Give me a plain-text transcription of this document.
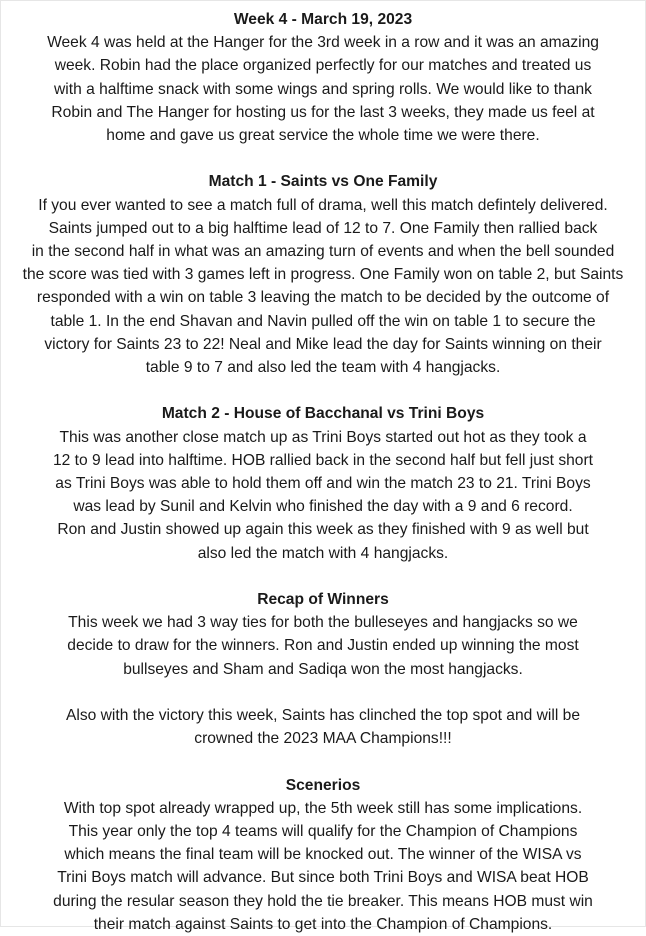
Week 4 - March 19, 2023
Week 4 was held at the Hanger for the 3rd week in a row and it was an amazing
week. Robin had the place organized perfectly for our matches and treated us
with a halftime snack with some wings and spring rolls. We would like to thank
Robin and The Hanger for hosting us for the last 3 weeks, they made us feel at
home and gave us great service the whole time we were there.
Match 1 - Saints vs One Family
If you ever wanted to see a match full of drama, well this match defintely delivered.
Saints jumped out to a big halftime lead of 12 to 7. One Family then rallied back
in the second half in what was an amazing turn of events and when the bell sounded
the score was tied with 3 games left in progress. One Family won on table 2, but Saints
responded with a win on table 3 leaving the match to be decided by the outcome of
table 1. In the end Shavan and Navin pulled off the win on table 1 to secure the
victory for Saints 23 to 22! Neal and Mike lead the day for Saints winning on their
table 9 to 7 and also led the team with 4 hangjacks.
Match 2 - House of Bacchanal vs Trini Boys
This was another close match up as Trini Boys started out hot as they took a
12 to 9 lead into halftime. HOB rallied back in the second half but fell just short
as Trini Boys was able to hold them off and win the match 23 to 21. Trini Boys
was lead by Sunil and Kelvin who finished the day with a 9 and 6 record.
Ron and Justin showed up again this week as they finished with 9 as well but
also led the match with 4 hangjacks.
Recap of Winners
This week we had 3 way ties for both the bulleseyes and hangjacks so we
decide to draw for the winners. Ron and Justin ended up winning the most
bullseyes and Sham and Sadiqa won the most hangjacks.
Also with the victory this week, Saints has clinched the top spot and will be
crowned the 2023 MAA Champions!!!
Scenerios
With top spot already wrapped up, the 5th week still has some implications.
This year only the top 4 teams will qualify for the Champion of Champions
which means the final team will be knocked out. The winner of the WISA vs
Trini Boys match will advance. But since both Trini Boys and WISA beat HOB
during the resular season they hold the tie breaker. This means HOB must win
their match against Saints to get into the Champion of Champions.
